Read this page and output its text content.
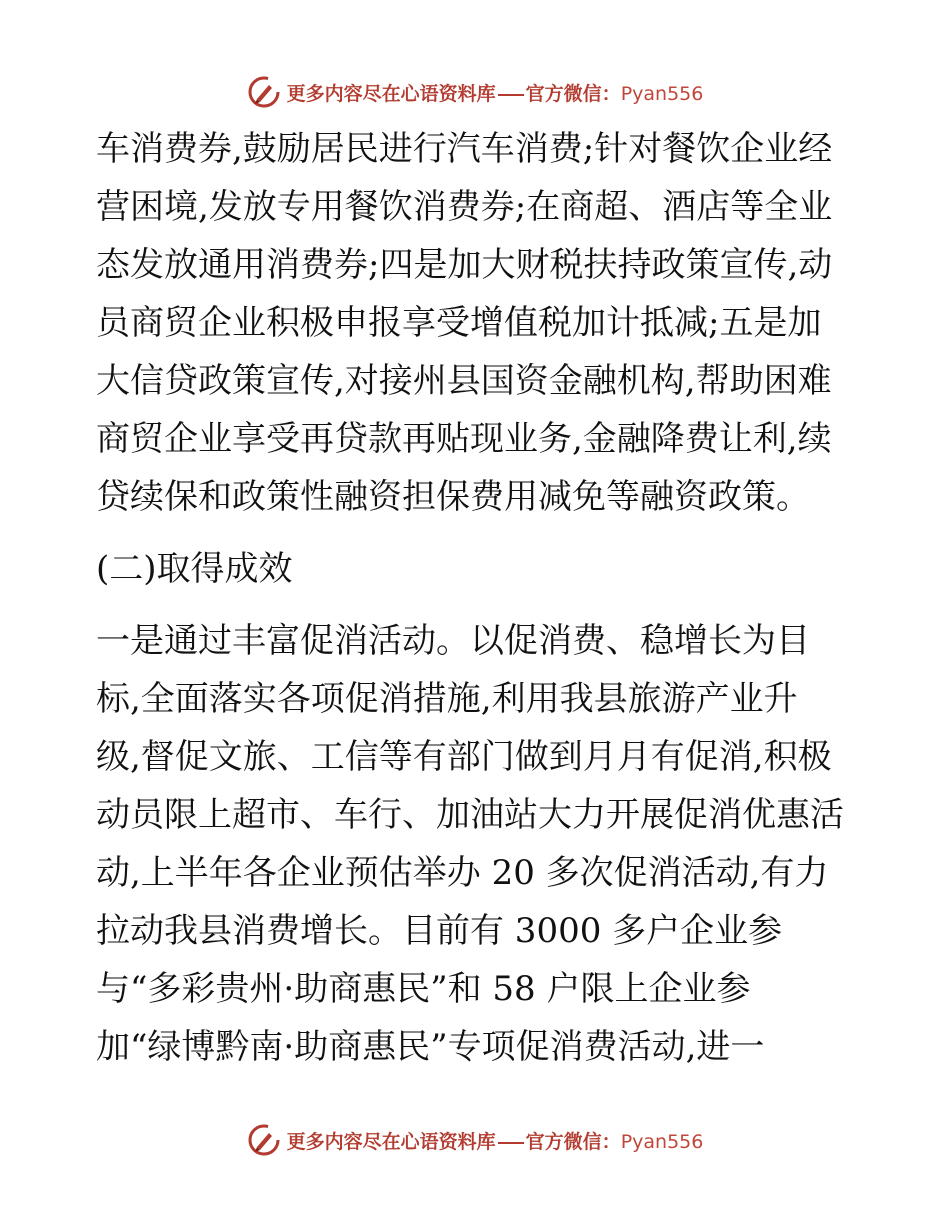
更多内容尽在心语资料库 官方微信：Pyan556
车消费券,鼓励居民进行汽车消费;针对餐饮企业经
营困境,发放专用餐饮消费券;在商超、酒店等全业
态发放通用消费券;四是加大财税扶持政策宣传,动
员商贸企业积极申报享受增值税加计抵减;五是加
大信贷政策宣传,对接州县国资金融机构,帮助困难
商贸企业享受再贷款再贴现业务,金融降费让利,续
贷续保和政策性融资担保费用减免等融资政策。
(二)取得成效
一是通过丰富促消活动。以促消费、稳增长为目
标,全面落实各项促消措施,利用我县旅游产业升
级,督促文旅、工信等有部门做到月月有促消,积极
动员限上超市、车行、加油站大力开展促消优惠活
动,上半年各企业预估举办 20 多次促消活动,有力
拉动我县消费增长。目前有 3000 多户企业参
与“多彩贵州·助商惠民”和 58 户限上企业参
加“绿博黔南·助商惠民”专项促消费活动,进一
更多内容尽在心语资料库 官方微信：Pyan556
